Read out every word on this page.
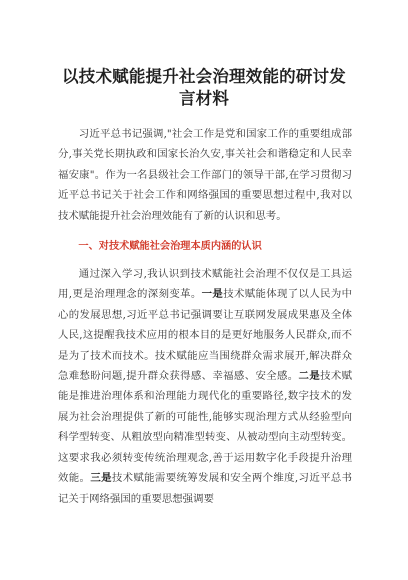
以技术赋能提升社会治理效能的研讨发言材料

习近平总书记强调,"社会工作是党和国家工作的重要组成部分,事关党长期执政和国家长治久安,事关社会和谐稳定和人民幸福安康"。作为一名县级社会工作部门的领导干部,在学习贯彻习近平总书记关于社会工作和网络强国的重要思想过程中,我对以技术赋能提升社会治理效能有了新的认识和思考。

一、对技术赋能社会治理本质内涵的认识

通过深入学习,我认识到技术赋能社会治理不仅仅是工具运用,更是治理理念的深刻变革。一是技术赋能体现了以人民为中心的发展思想,习近平总书记强调要让互联网发展成果惠及全体人民,这提醒我技术应用的根本目的是更好地服务人民群众,而不是为了技术而技术。技术赋能应当围绕群众需求展开,解决群众急难愁盼问题,提升群众获得感、幸福感、安全感。二是技术赋能是推进治理体系和治理能力现代化的重要路径,数字技术的发展为社会治理提供了新的可能性,能够实现治理方式从经验型向科学型转变、从粗放型向精准型转变、从被动型向主动型转变。这要求我必须转变传统治理观念,善于运用数字化手段提升治理效能。三是技术赋能需要统筹发展和安全两个维度,习近平总书记关于网络强国的重要思想强调要
